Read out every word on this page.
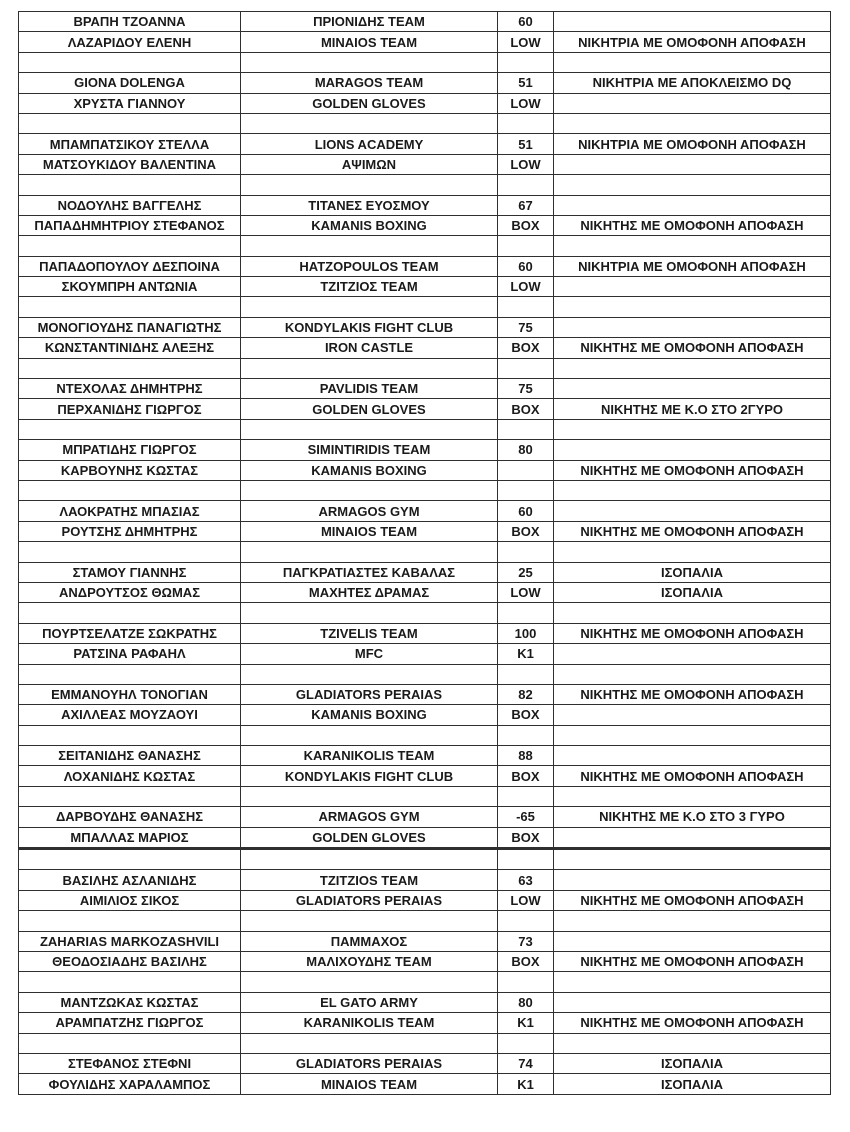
ΒΡΑΠΗ ΤΖΟΑΝΝΑ	ΠΡΙΟΝΙΔΗΣ TEAM	60	
ΛΑΖΑΡΙΔΟΥ ΕΛΕΝΗ	MINAIOS TEAM	LOW	ΝΙΚΗΤΡΙΑ ΜΕ ΟΜΟΦΟΝΗ ΑΠΟΦΑΣΗ

GIONA DOLENGA	MARAGOS TEAM	51	ΝΙΚΗΤΡΙΑ ΜΕ ΑΠΟΚΛΕΙΣΜΟ DQ
ΧΡΥΣΤΑ ΓΙΑΝΝΟΥ	GOLDEN GLOVES	LOW	

ΜΠΑΜΠΑΤΣΙΚΟΥ ΣΤΕΛΛΑ	LIONS ACADEMY	51	ΝΙΚΗΤΡΙΑ ΜΕ ΟΜΟΦΟΝΗ ΑΠΟΦΑΣΗ
ΜΑΤΣΟΥΚΙΔΟΥ ΒΑΛΕΝΤΙΝΑ	ΑΨΙΜΩΝ	LOW	

ΝΟΔΟΥΛΗΣ ΒΑΓΓΕΛΗΣ	ΤΙΤΑΝΕΣ ΕΥΟΣΜΟΥ	67	
ΠΑΠΑΔΗΜΗΤΡΙΟΥ ΣΤΕΦΑΝΟΣ	KAMANIS BOXING	BOX	ΝΙΚΗΤΗΣ ΜΕ ΟΜΟΦΟΝΗ ΑΠΟΦΑΣΗ

ΠΑΠΑΔΟΠΟΥΛΟΥ ΔΕΣΠΟΙΝΑ	HATZOPOULOS TEAM	60	ΝΙΚΗΤΡΙΑ ΜΕ ΟΜΟΦΟΝΗ ΑΠΟΦΑΣΗ
ΣΚΟΥΜΠΡΗ ΑΝΤΩΝΙΑ	ΤΖΙΤΖΙΟΣ TEAM	LOW	

ΜΟΝΟΓΙΟΥΔΗΣ ΠΑΝΑΓΙΩΤΗΣ	KONDYLAKIS FIGHT CLUB	75	
ΚΩΝΣΤΑΝΤΙΝΙΔΗΣ ΑΛΕΞΗΣ	IRON CASTLE	BOX	ΝΙΚΗΤΗΣ ΜΕ ΟΜΟΦΟΝΗ ΑΠΟΦΑΣΗ

ΝΤΕΧΟΛΑΣ ΔΗΜΗΤΡΗΣ	PAVLIDIS TEAM	75	
ΠΕΡΧΑΝΙΔΗΣ ΓΙΩΡΓΟΣ	GOLDEN GLOVES	BOX	ΝΙΚΗΤΗΣ ΜΕ Κ.Ο ΣΤΟ 2ΓΥΡΟ

ΜΠΡΑΤΙΔΗΣ ΓΙΩΡΓΟΣ	SIMINTIRIDIS TEAM	80	
ΚΑΡΒΟΥΝΗΣ ΚΩΣΤΑΣ	KAMANIS BOXING		ΝΙΚΗΤΗΣ ΜΕ ΟΜΟΦΟΝΗ ΑΠΟΦΑΣΗ

ΛΑΟΚΡΑΤΗΣ ΜΠΑΣΙΑΣ	ARMAGOS GYM	60	
ΡΟΥΤΣΗΣ ΔΗΜΗΤΡΗΣ	MINAIOS TEAM	BOX	ΝΙΚΗΤΗΣ ΜΕ ΟΜΟΦΟΝΗ ΑΠΟΦΑΣΗ

ΣΤΑΜΟΥ ΓΙΑΝΝΗΣ	ΠΑΓΚΡΑΤΙΑΣΤΕΣ ΚΑΒΑΛΑΣ	25	ΙΣΟΠΑΛΙΑ
ΑΝΔΡΟΥΤΣΟΣ ΘΩΜΑΣ	ΜΑΧΗΤΕΣ ΔΡΑΜΑΣ	LOW	ΙΣΟΠΑΛΙΑ

ΠΟΥΡΤΣΕΛΑΤΖΕ ΣΩΚΡΑΤΗΣ	TZIVELIS TEAM	100	ΝΙΚΗΤΗΣ ΜΕ ΟΜΟΦΟΝΗ ΑΠΟΦΑΣΗ
ΡΑΤΣΙΝΑ ΡΑΦΑΗΛ	MFC	K1	

ΕΜΜΑΝΟΥΗΛ ΤΟΝΟΓΙΑΝ	GLADIATORS PERAIAS	82	ΝΙΚΗΤΗΣ ΜΕ ΟΜΟΦΟΝΗ ΑΠΟΦΑΣΗ
ΑΧΙΛΛΕΑΣ ΜΟΥΖΑΟΥΙ	KAMANIS BOXING	BOX	

ΣΕΙΤΑΝΙΔΗΣ ΘΑΝΑΣΗΣ	KARANIKOLIS TEAM	88	
ΛΟΧΑΝΙΔΗΣ ΚΩΣΤΑΣ	KONDYLAKIS FIGHT CLUB	BOX	ΝΙΚΗΤΗΣ ΜΕ ΟΜΟΦΟΝΗ ΑΠΟΦΑΣΗ

ΔΑΡΒΟΥΔΗΣ ΘΑΝΑΣΗΣ	ARMAGOS GYM	-65	ΝΙΚΗΤΗΣ ΜΕ Κ.Ο ΣΤΟ 3 ΓΥΡΟ
ΜΠΑΛΛΑΣ ΜΑΡΙΟΣ	GOLDEN GLOVES	BOX	

ΒΑΣΙΛΗΣ ΑΣΛΑΝΙΔΗΣ	TZITZIOS TEAM	63	
ΑΙΜΙΛΙΟΣ ΣΙΚΟΣ	GLADIATORS PERAIAS	LOW	ΝΙΚΗΤΗΣ ΜΕ ΟΜΟΦΟΝΗ ΑΠΟΦΑΣΗ

ZAHARIAS MARKOZASHVILI	ΠΑΜΜΑΧΟΣ	73	
ΘΕΟΔΟΣΙΑΔΗΣ ΒΑΣΙΛΗΣ	ΜΑΛΙΧΟΥΔΗΣ TEAM	BOX	ΝΙΚΗΤΗΣ ΜΕ ΟΜΟΦΟΝΗ ΑΠΟΦΑΣΗ

ΜΑΝΤΖΩΚΑΣ ΚΩΣΤΑΣ	EL GATO ARMY	80	
ΑΡΑΜΠΑΤΖΗΣ ΓΙΩΡΓΟΣ	KARANIKOLIS TEAM	K1	ΝΙΚΗΤΗΣ ΜΕ ΟΜΟΦΟΝΗ ΑΠΟΦΑΣΗ

ΣΤΕΦΑΝΟΣ ΣΤΕΦΝΙ	GLADIATORS PERAIAS	74	ΙΣΟΠΑΛΙΑ
ΦΟΥΛΙΔΗΣ ΧΑΡΑΛΑΜΠΟΣ	MINAIOS TEAM	K1	ΙΣΟΠΑΛΙΑ
